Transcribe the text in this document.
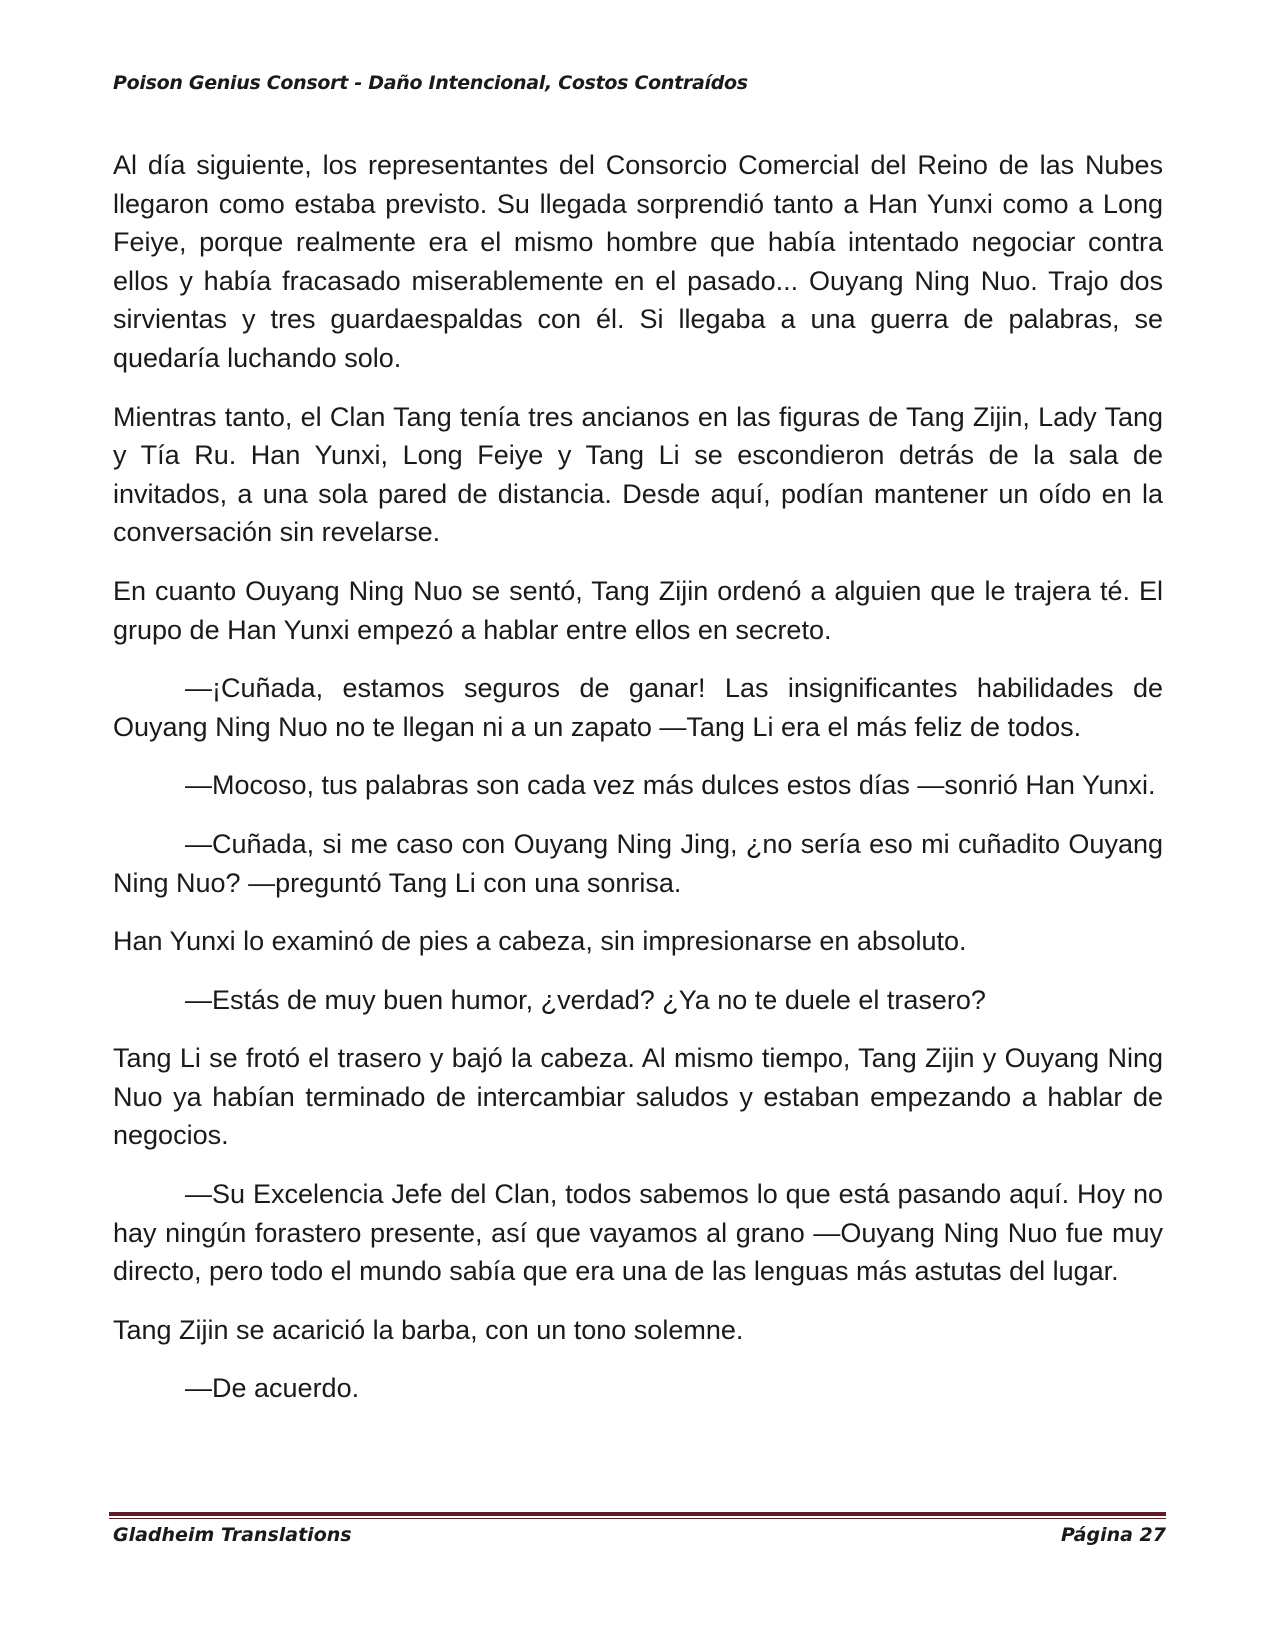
Poison Genius Consort - Daño Intencional, Costos Contraídos

Al día siguiente, los representantes del Consorcio Comercial del Reino de las Nubes llegaron como estaba previsto. Su llegada sorprendió tanto a Han Yunxi como a Long Feiye, porque realmente era el mismo hombre que había intentado negociar contra ellos y había fracasado miserablemente en el pasado... Ouyang Ning Nuo. Trajo dos sirvientas y tres guardaespaldas con él. Si llegaba a una guerra de palabras, se quedaría luchando solo.

Mientras tanto, el Clan Tang tenía tres ancianos en las figuras de Tang Zijin, Lady Tang y Tía Ru. Han Yunxi, Long Feiye y Tang Li se escondieron detrás de la sala de invitados, a una sola pared de distancia. Desde aquí, podían mantener un oído en la conversación sin revelarse.

En cuanto Ouyang Ning Nuo se sentó, Tang Zijin ordenó a alguien que le trajera té. El grupo de Han Yunxi empezó a hablar entre ellos en secreto.

—¡Cuñada, estamos seguros de ganar! Las insignificantes habilidades de Ouyang Ning Nuo no te llegan ni a un zapato —Tang Li era el más feliz de todos.

—Mocoso, tus palabras son cada vez más dulces estos días —sonrió Han Yunxi.

—Cuñada, si me caso con Ouyang Ning Jing, ¿no sería eso mi cuñadito Ouyang Ning Nuo? —preguntó Tang Li con una sonrisa.

Han Yunxi lo examinó de pies a cabeza, sin impresionarse en absoluto.

—Estás de muy buen humor, ¿verdad? ¿Ya no te duele el trasero?

Tang Li se frotó el trasero y bajó la cabeza. Al mismo tiempo, Tang Zijin y Ouyang Ning Nuo ya habían terminado de intercambiar saludos y estaban empezando a hablar de negocios.

—Su Excelencia Jefe del Clan, todos sabemos lo que está pasando aquí. Hoy no hay ningún forastero presente, así que vayamos al grano —Ouyang Ning Nuo fue muy directo, pero todo el mundo sabía que era una de las lenguas más astutas del lugar.

Tang Zijin se acarició la barba, con un tono solemne.

—De acuerdo.

Gladheim Translations	Página 27
